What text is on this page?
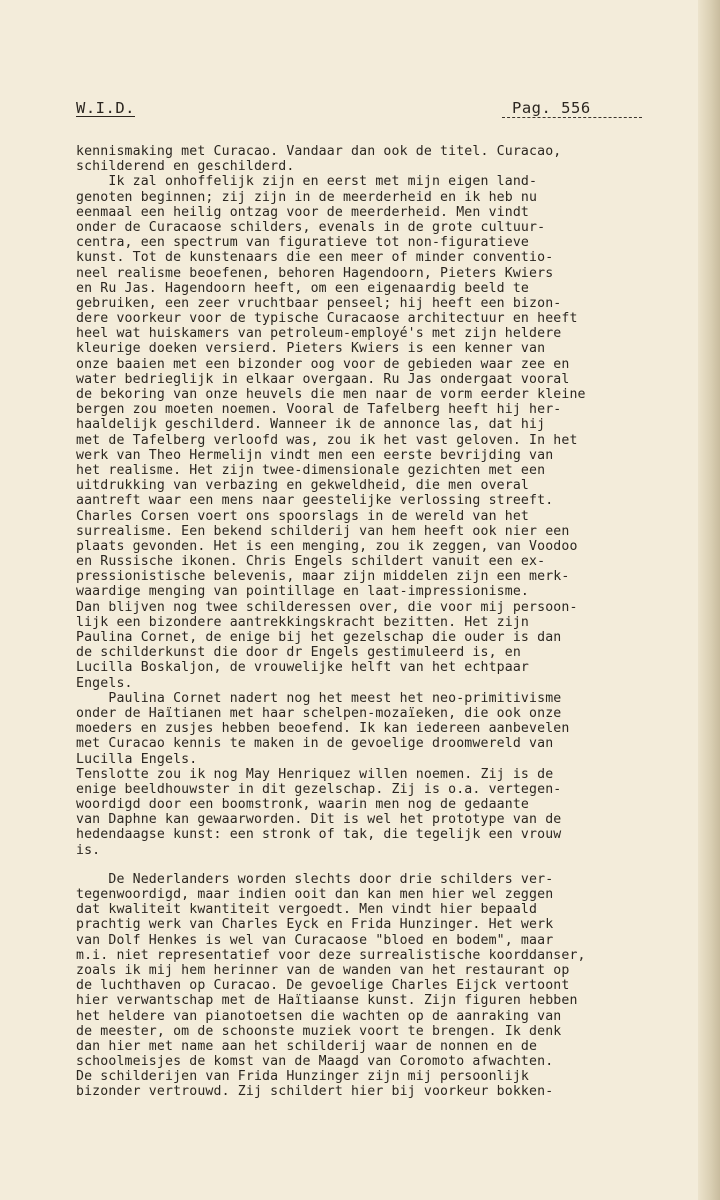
W.I.D.	Pag. 556

kennismaking met Curacao. Vandaar dan ook de titel. Curacao,
schilderend en geschilderd.

Ik zal onhoffelijk zijn en eerst met mijn eigen land-
genoten beginnen; zij zijn in de meerderheid en ik heb nu
eenmaal een heilig ontzag voor de meerderheid. Men vindt
onder de Curacaose schilders, evenals in de grote cultuur-
centra, een spectrum van figuratieve tot non-figuratieve
kunst. Tot de kunstenaars die een meer of minder conventio-
neel realisme beoefenen, behoren Hagendoorn, Pieters Kwiers
en Ru Jas. Hagendoorn heeft, om een eigenaardig beeld te
gebruiken, een zeer vruchtbaar penseel; hij heeft een bizon-
dere voorkeur voor de typische Curacaose architectuur en heeft
heel wat huiskamers van petroleum-employé's met zijn heldere
kleurige doeken versierd. Pieters Kwiers is een kenner van
onze baaien met een bizonder oog voor de gebieden waar zee en
water bedrieglijk in elkaar overgaan. Ru Jas ondergaat vooral
de bekoring van onze heuvels die men naar de vorm eerder kleine
bergen zou moeten noemen. Vooral de Tafelberg heeft hij her-
haaldelijk geschilderd. Wanneer ik de annonce las, dat hij
met de Tafelberg verloofd was, zou ik het vast geloven. In het
werk van Theo Hermelijn vindt men een eerste bevrijding van
het realisme. Het zijn twee-dimensionale gezichten met een
uitdrukking van verbazing en gekweldheid, die men overal
aantreft waar een mens naar geestelijke verlossing streeft.
Charles Corsen voert ons spoorslags in de wereld van het
surrealisme. Een bekend schilderij van hem heeft ook nier een
plaats gevonden. Het is een menging, zou ik zeggen, van Voodoo
en Russische ikonen. Chris Engels schildert vanuit een ex-
pressionistische belevenis, maar zijn middelen zijn een merk-
waardige menging van pointillage en laat-impressionisme.
Dan blijven nog twee schilderessen over, die voor mij persoon-
lijk een bizondere aantrekkingskracht bezitten. Het zijn
Paulina Cornet, de enige bij het gezelschap die ouder is dan
de schilderkunst die door dr Engels gestimuleerd is, en
Lucilla Boskaljon, de vrouwelijke helft van het echtpaar
Engels.

Paulina Cornet nadert nog het meest het neo-primitivisme
onder de Haïtianen met haar schelpen-mozaïeken, die ook onze
moeders en zusjes hebben beoefend. Ik kan iedereen aanbevelen
met Curacao kennis te maken in de gevoelige droomwereld van
Lucilla Engels.
Tenslotte zou ik nog May Henriquez willen noemen. Zij is de
enige beeldhouwster in dit gezelschap. Zij is o.a. vertegen-
woordigd door een boomstronk, waarin men nog de gedaante
van Daphne kan gewaarworden. Dit is wel het prototype van de
hedendaagse kunst: een stronk of tak, die tegelijk een vrouw
is.

De Nederlanders worden slechts door drie schilders ver-
tegenwoordigd, maar indien ooit dan kan men hier wel zeggen
dat kwaliteit kwantiteit vergoedt. Men vindt hier bepaald
prachtig werk van Charles Eyck en Frida Hunzinger. Het werk
van Dolf Henkes is wel van Curacaose "bloed en bodem", maar
m.i. niet representatief voor deze surrealistische koorddanser,
zoals ik mij hem herinner van de wanden van het restaurant op
de luchthaven op Curacao. De gevoelige Charles Eijck vertoont
hier verwantschap met de Haïtiaanse kunst. Zijn figuren hebben
het heldere van pianotoetsen die wachten op de aanraking van
de meester, om de schoonste muziek voort te brengen. Ik denk
dan hier met name aan het schilderij waar de nonnen en de
schoolmeisjes de komst van de Maagd van Coromoto afwachten.
De schilderijen van Frida Hunzinger zijn mij persoonlijk
bizonder vertrouwd. Zij schildert hier bij voorkeur bokken-
